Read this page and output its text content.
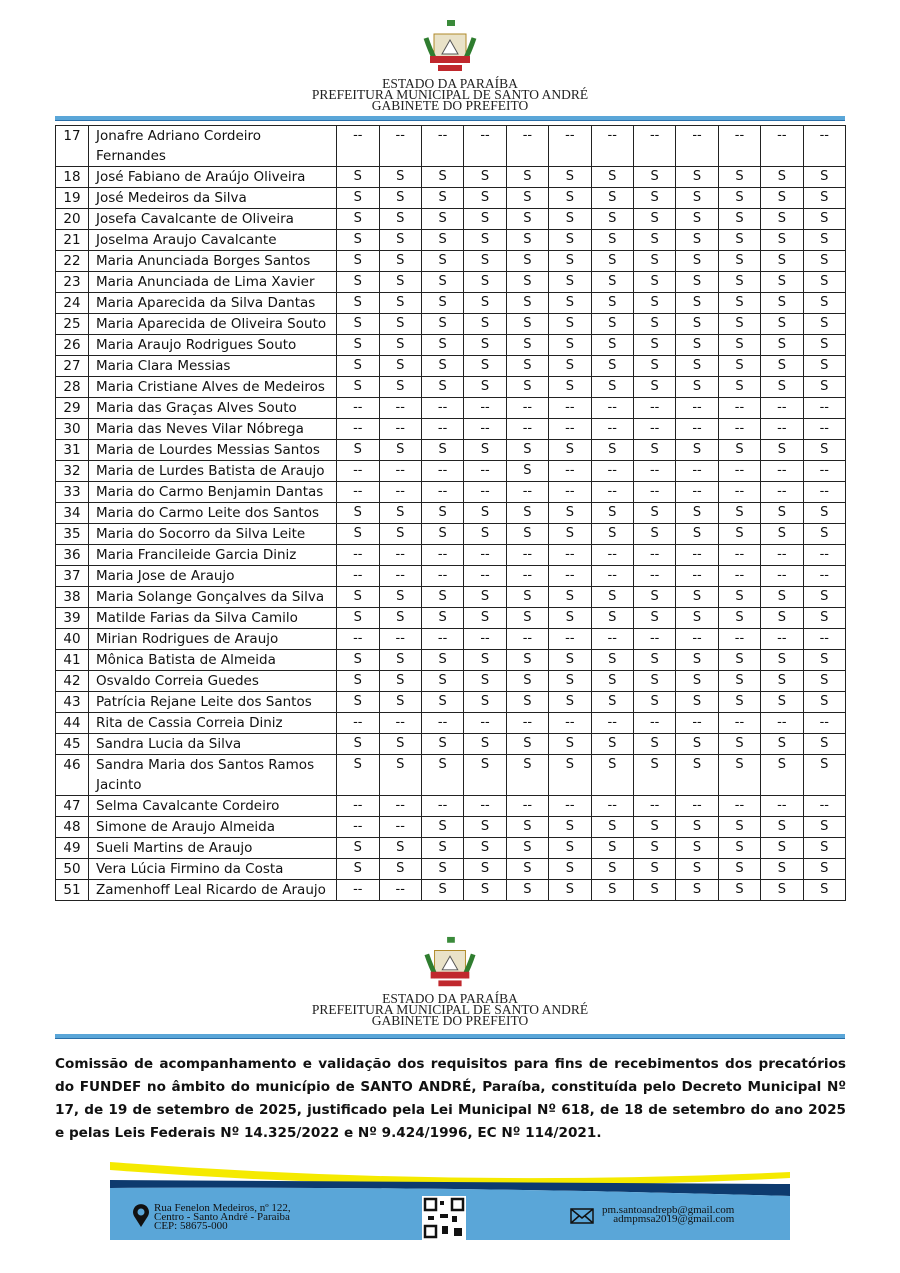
ESTADO DA PARAÍBA
PREFEITURA MUNICIPAL DE SANTO ANDRÉ
GABINETE DO PREFEITO
17	Jonafre Adriano Cordeiro Fernandes	--	--	--	--	--	--	--	--	--	--	--	--
18	José Fabiano de Araújo Oliveira	S	S	S	S	S	S	S	S	S	S	S	S
19	José Medeiros da Silva	S	S	S	S	S	S	S	S	S	S	S	S
20	Josefa Cavalcante de Oliveira	S	S	S	S	S	S	S	S	S	S	S	S
21	Joselma Araujo Cavalcante	S	S	S	S	S	S	S	S	S	S	S	S
22	Maria Anunciada Borges Santos	S	S	S	S	S	S	S	S	S	S	S	S
23	Maria Anunciada de Lima Xavier	S	S	S	S	S	S	S	S	S	S	S	S
24	Maria Aparecida da Silva Dantas	S	S	S	S	S	S	S	S	S	S	S	S
25	Maria Aparecida de Oliveira Souto	S	S	S	S	S	S	S	S	S	S	S	S
26	Maria Araujo Rodrigues Souto	S	S	S	S	S	S	S	S	S	S	S	S
27	Maria Clara Messias	S	S	S	S	S	S	S	S	S	S	S	S
28	Maria Cristiane Alves de Medeiros	S	S	S	S	S	S	S	S	S	S	S	S
29	Maria das Graças Alves Souto	--	--	--	--	--	--	--	--	--	--	--	--
30	Maria das Neves Vilar Nóbrega	--	--	--	--	--	--	--	--	--	--	--	--
31	Maria de Lourdes Messias Santos	S	S	S	S	S	S	S	S	S	S	S	S
32	Maria de Lurdes Batista de Araujo	--	--	--	--	S	--	--	--	--	--	--	--
33	Maria do Carmo Benjamin Dantas	--	--	--	--	--	--	--	--	--	--	--	--
34	Maria do Carmo Leite dos Santos	S	S	S	S	S	S	S	S	S	S	S	S
35	Maria do Socorro da Silva Leite	S	S	S	S	S	S	S	S	S	S	S	S
36	Maria Francileide Garcia Diniz	--	--	--	--	--	--	--	--	--	--	--	--
37	Maria Jose de Araujo	--	--	--	--	--	--	--	--	--	--	--	--
38	Maria Solange Gonçalves da Silva	S	S	S	S	S	S	S	S	S	S	S	S
39	Matilde Farias da Silva Camilo	S	S	S	S	S	S	S	S	S	S	S	S
40	Mirian Rodrigues de Araujo	--	--	--	--	--	--	--	--	--	--	--	--
41	Mônica Batista de Almeida	S	S	S	S	S	S	S	S	S	S	S	S
42	Osvaldo Correia Guedes	S	S	S	S	S	S	S	S	S	S	S	S
43	Patrícia Rejane Leite dos Santos	S	S	S	S	S	S	S	S	S	S	S	S
44	Rita de Cassia Correia Diniz	--	--	--	--	--	--	--	--	--	--	--	--
45	Sandra Lucia da Silva	S	S	S	S	S	S	S	S	S	S	S	S
46	Sandra Maria dos Santos Ramos Jacinto	S	S	S	S	S	S	S	S	S	S	S	S
47	Selma Cavalcante Cordeiro	--	--	--	--	--	--	--	--	--	--	--	--
48	Simone de Araujo Almeida	--	--	S	S	S	S	S	S	S	S	S	S
49	Sueli Martins de Araujo	S	S	S	S	S	S	S	S	S	S	S	S
50	Vera Lúcia Firmino da Costa	S	S	S	S	S	S	S	S	S	S	S	S
51	Zamenhoff Leal Ricardo de Araujo	--	--	S	S	S	S	S	S	S	S	S	S
ESTADO DA PARAÍBA
PREFEITURA MUNICIPAL DE SANTO ANDRÉ
GABINETE DO PREFEITO

Comissão de acompanhamento e validação dos requisitos para fins de recebimentos dos precatórios do FUNDEF no âmbito do município de SANTO ANDRÉ, Paraíba, constituída pelo Decreto Municipal Nº 17, de 19 de setembro de 2025, justificado pela Lei Municipal Nº 618, de 18 de setembro do ano 2025 e pelas Leis Federais Nº 14.325/2022 e Nº 9.424/1996, EC Nº 114/2021.

Rua Fenelon Medeiros, nº 122,
Centro - Santo André - Paraiba
CEP: 58675-000
pm.santoandrepb@gmail.com
admpmsa2019@gmail.com
